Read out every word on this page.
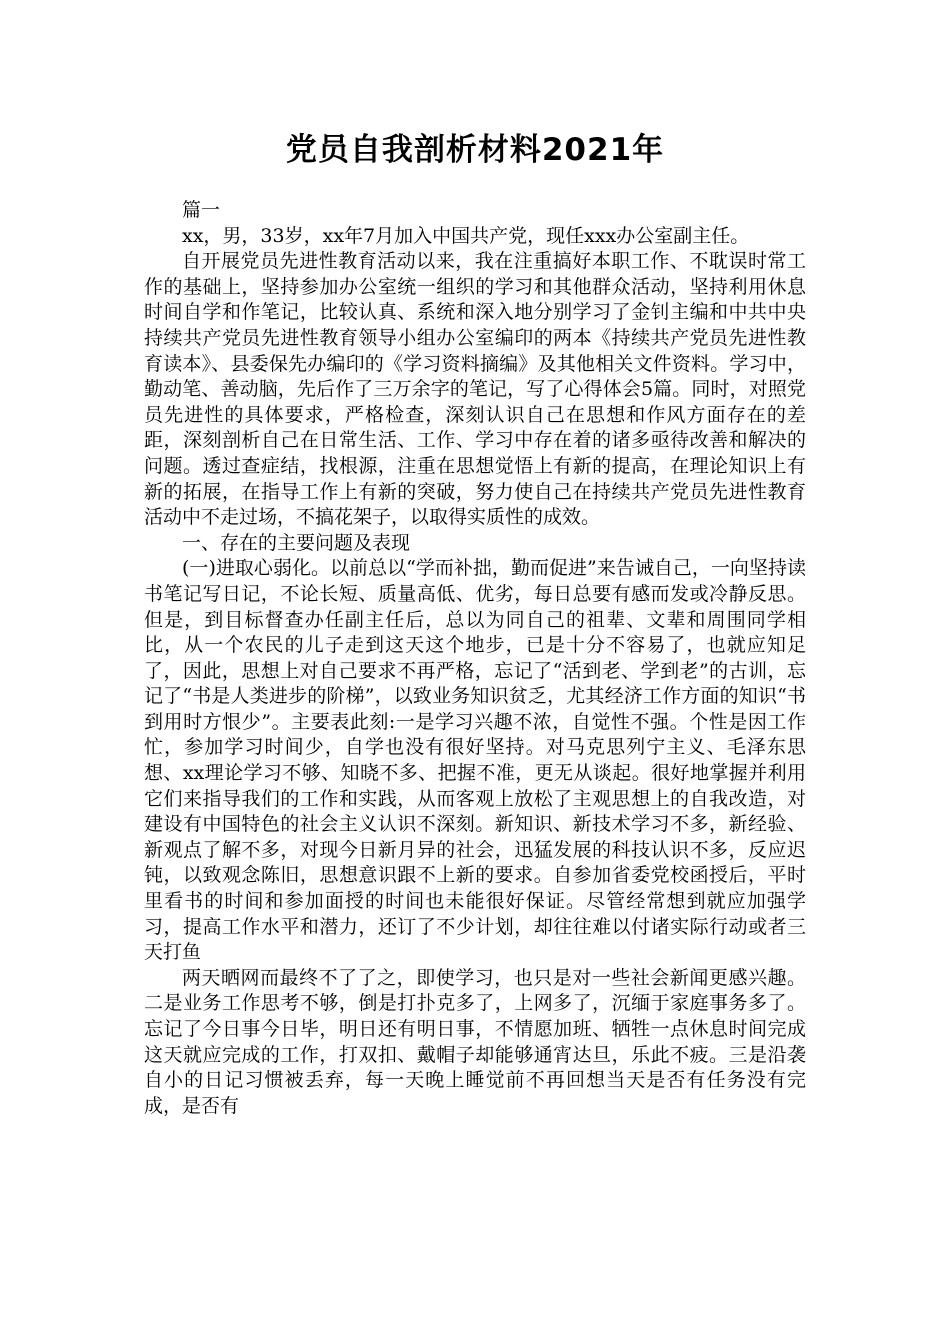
党员自我剖析材料2021年

篇一

xx，男，33岁，xx年7月加入中国共产党，现任xxx办公室副主任。

自开展党员先进性教育活动以来，我在注重搞好本职工作、不耽误时常工作的基础上，坚持参加办公室统一组织的学习和其他群众活动，坚持利用休息时间自学和作笔记，比较认真、系统和深入地分别学习了金钊主编和中共中央持续共产党员先进性教育领导小组办公室编印的两本《持续共产党员先进性教育读本》、县委保先办编印的《学习资料摘编》及其他相关文件资料。学习中，勤动笔、善动脑，先后作了三万余字的笔记，写了心得体会5篇。同时，对照党员先进性的具体要求，严格检查，深刻认识自己在思想和作风方面存在的差距，深刻剖析自己在日常生活、工作、学习中存在着的诸多亟待改善和解决的问题。透过查症结，找根源，注重在思想觉悟上有新的提高，在理论知识上有新的拓展，在指导工作上有新的突破，努力使自己在持续共产党员先进性教育活动中不走过场，不搞花架子，以取得实质性的成效。

一、存在的主要问题及表现

(一)进取心弱化。以前总以“学而补拙，勤而促进”来告诫自己，一向坚持读书笔记写日记，不论长短、质量高低、优劣，每日总要有感而发或冷静反思。但是，到目标督查办任副主任后，总以为同自己的祖辈、文辈和周围同学相比，从一个农民的儿子走到这天这个地步，已是十分不容易了，也就应知足了，因此，思想上对自己要求不再严格，忘记了“活到老、学到老”的古训，忘记了“书是人类进步的阶梯”，以致业务知识贫乏，尤其经济工作方面的知识“书到用时方恨少”。主要表此刻:一是学习兴趣不浓，自觉性不强。个性是因工作忙，参加学习时间少，自学也没有很好坚持。对马克思列宁主义、毛泽东思想、xx理论学习不够、知晓不多、把握不准，更无从谈起。很好地掌握并利用它们来指导我们的工作和实践，从而客观上放松了主观思想上的自我改造，对建设有中国特色的社会主义认识不深刻。新知识、新技术学习不多，新经验、新观点了解不多，对现今日新月异的社会，迅猛发展的科技认识不多，反应迟钝，以致观念陈旧，思想意识跟不上新的要求。自参加省委党校函授后，平时里看书的时间和参加面授的时间也未能很好保证。尽管经常想到就应加强学习，提高工作水平和潜力，还订了不少计划，却往往难以付诸实际行动或者三天打鱼

两天晒网而最终不了了之，即使学习，也只是对一些社会新闻更感兴趣。二是业务工作思考不够，倒是打扑克多了，上网多了，沉缅于家庭事务多了。忘记了今日事今日毕，明日还有明日事，不情愿加班、牺牲一点休息时间完成这天就应完成的工作，打双扣、戴帽子却能够通宵达旦，乐此不疲。三是沿袭自小的日记习惯被丢弃，每一天晚上睡觉前不再回想当天是否有任务没有完成，是否有
